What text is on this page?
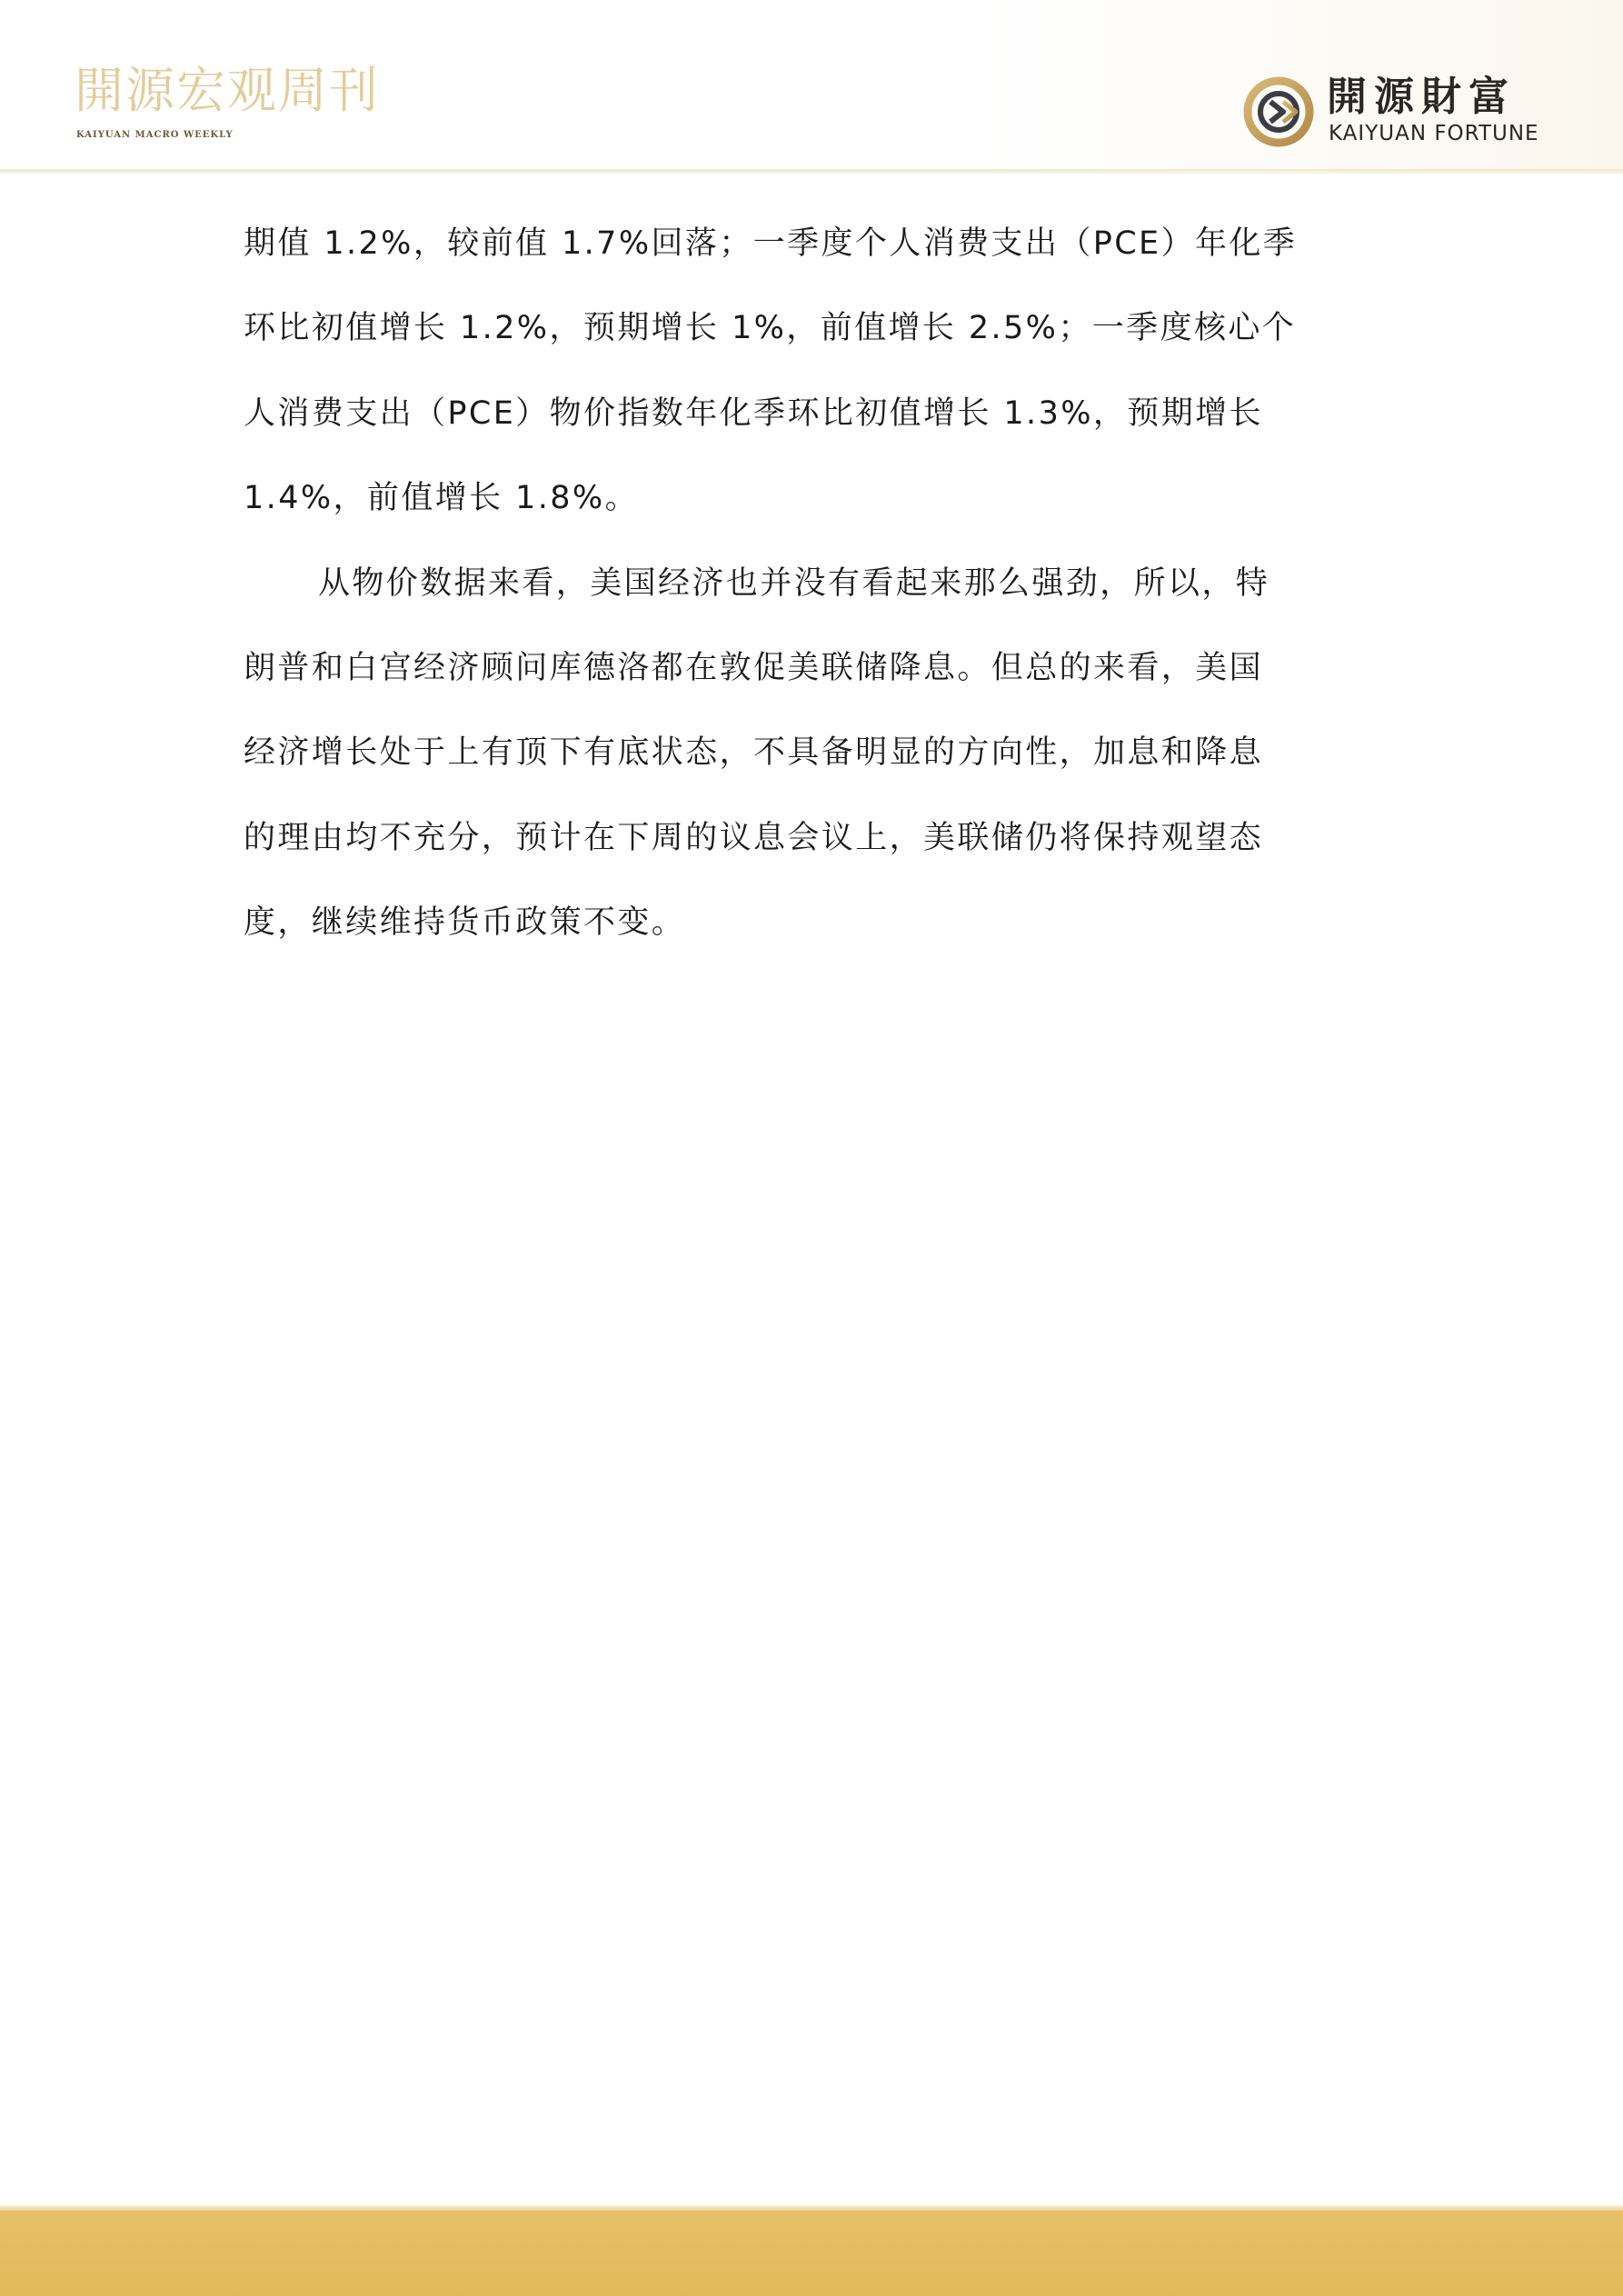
開源宏观周刊
KAIYUAN MACRO WEEKLY
開源財富
KAIYUAN FORTUNE
期值 1.2%，较前值 1.7%回落；一季度个人消费支出（PCE）年化季
环比初值增长 1.2%，预期增长 1%，前值增长 2.5%；一季度核心个
人消费支出（PCE）物价指数年化季环比初值增长 1.3%，预期增长
1.4%，前值增长 1.8%。
从物价数据来看，美国经济也并没有看起来那么强劲，所以，特
朗普和白宫经济顾问库德洛都在敦促美联储降息。但总的来看，美国
经济增长处于上有顶下有底状态，不具备明显的方向性，加息和降息
的理由均不充分，预计在下周的议息会议上，美联储仍将保持观望态
度，继续维持货币政策不变。
